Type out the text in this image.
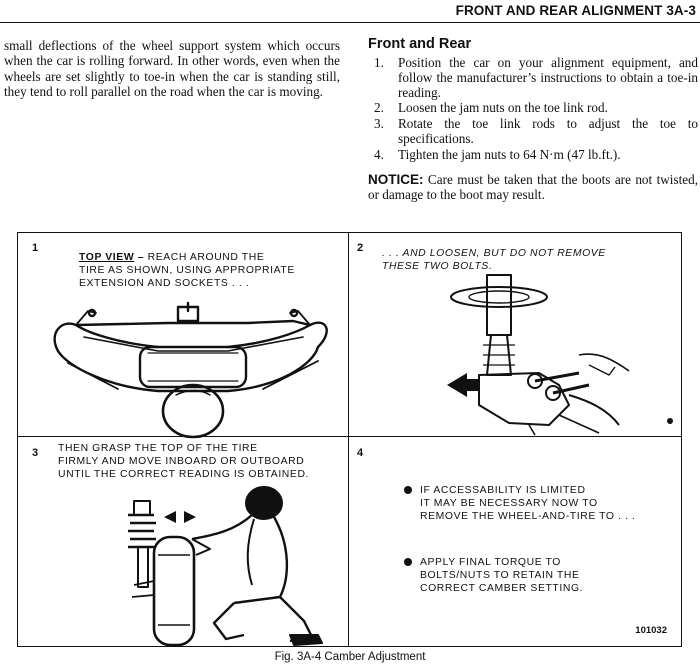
FRONT AND REAR ALIGNMENT 3A-3
small deflections of the wheel support system which occurs when the car is rolling forward. In other words, even when the wheels are set slightly to toe-in when the car is standing still, they tend to roll parallel on the road when the car is moving.
Front and Rear
1. Position the car on your alignment equipment, and follow the manufacturer’s instructions to obtain a toe-in reading.
2. Loosen the jam nuts on the toe link rod.
3. Rotate the toe link rods to adjust the toe to specifications.
4. Tighten the jam nuts to 64 N·m (47 lb.ft.).
NOTICE: Care must be taken that the boots are not twisted, or damage to the boot may result.
1
TOP VIEW – REACH AROUND THE
TIRE AS SHOWN, USING APPROPRIATE
EXTENSION AND SOCKETS . . .
2 . . . AND LOOSEN, BUT DO NOT REMOVE
THESE TWO BOLTS.
3 THEN GRASP THE TOP OF THE TIRE
FIRMLY AND MOVE INBOARD OR OUTBOARD
UNTIL THE CORRECT READING IS OBTAINED.
4
IF ACCESSABILITY IS LIMITED
IT MAY BE NECESSARY NOW TO
REMOVE THE WHEEL-AND-TIRE TO . . .
APPLY FINAL TORQUE TO
BOLTS/NUTS TO RETAIN THE
CORRECT CAMBER SETTING.
101032
Fig. 3A-4 Camber Adjustment
